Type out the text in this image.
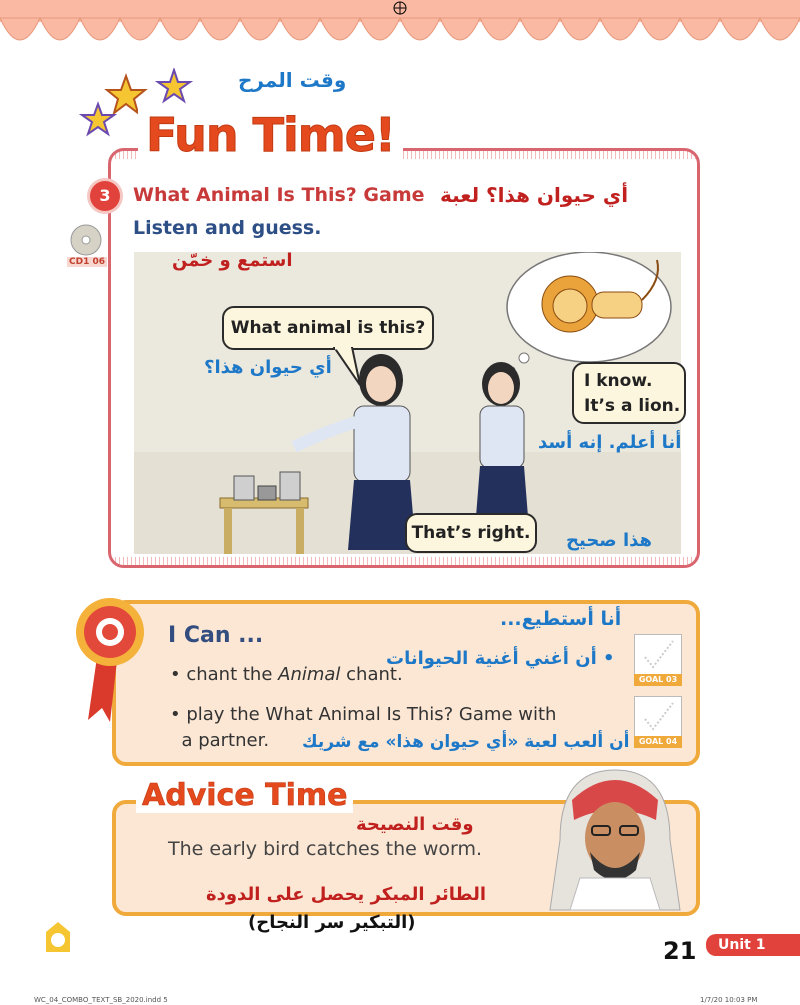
وقت المرح
Fun Time!
3	What Animal Is This? Game أي حيوان هذا؟ لعبة
Listen and guess.
CD1 06
What animal is this?
أي حيوان هذا؟
I know.
It’s a lion.
أنا أعلم. إنه أسد
That’s right.	هذا صحيح
استمع و خمّن
I Can ...
أنا أستطيع...
• chant the Animal chant.
• أن أغني أغنية الحيوانات
• play the What Animal Is This? Game with
a partner.	أن ألعب لعبة «أي حيوان هذا» مع شريك
GOAL 03
GOAL 04
Advice Time
وقت النصيحة
The early bird catches the worm.
الطائر المبكر يحصل على الدودة
(التبكير سر النجاح)
21	Unit 1
WC_04_COMBO_TEXT_SB_2020.indd 5	1/7/20 10:03 PM
